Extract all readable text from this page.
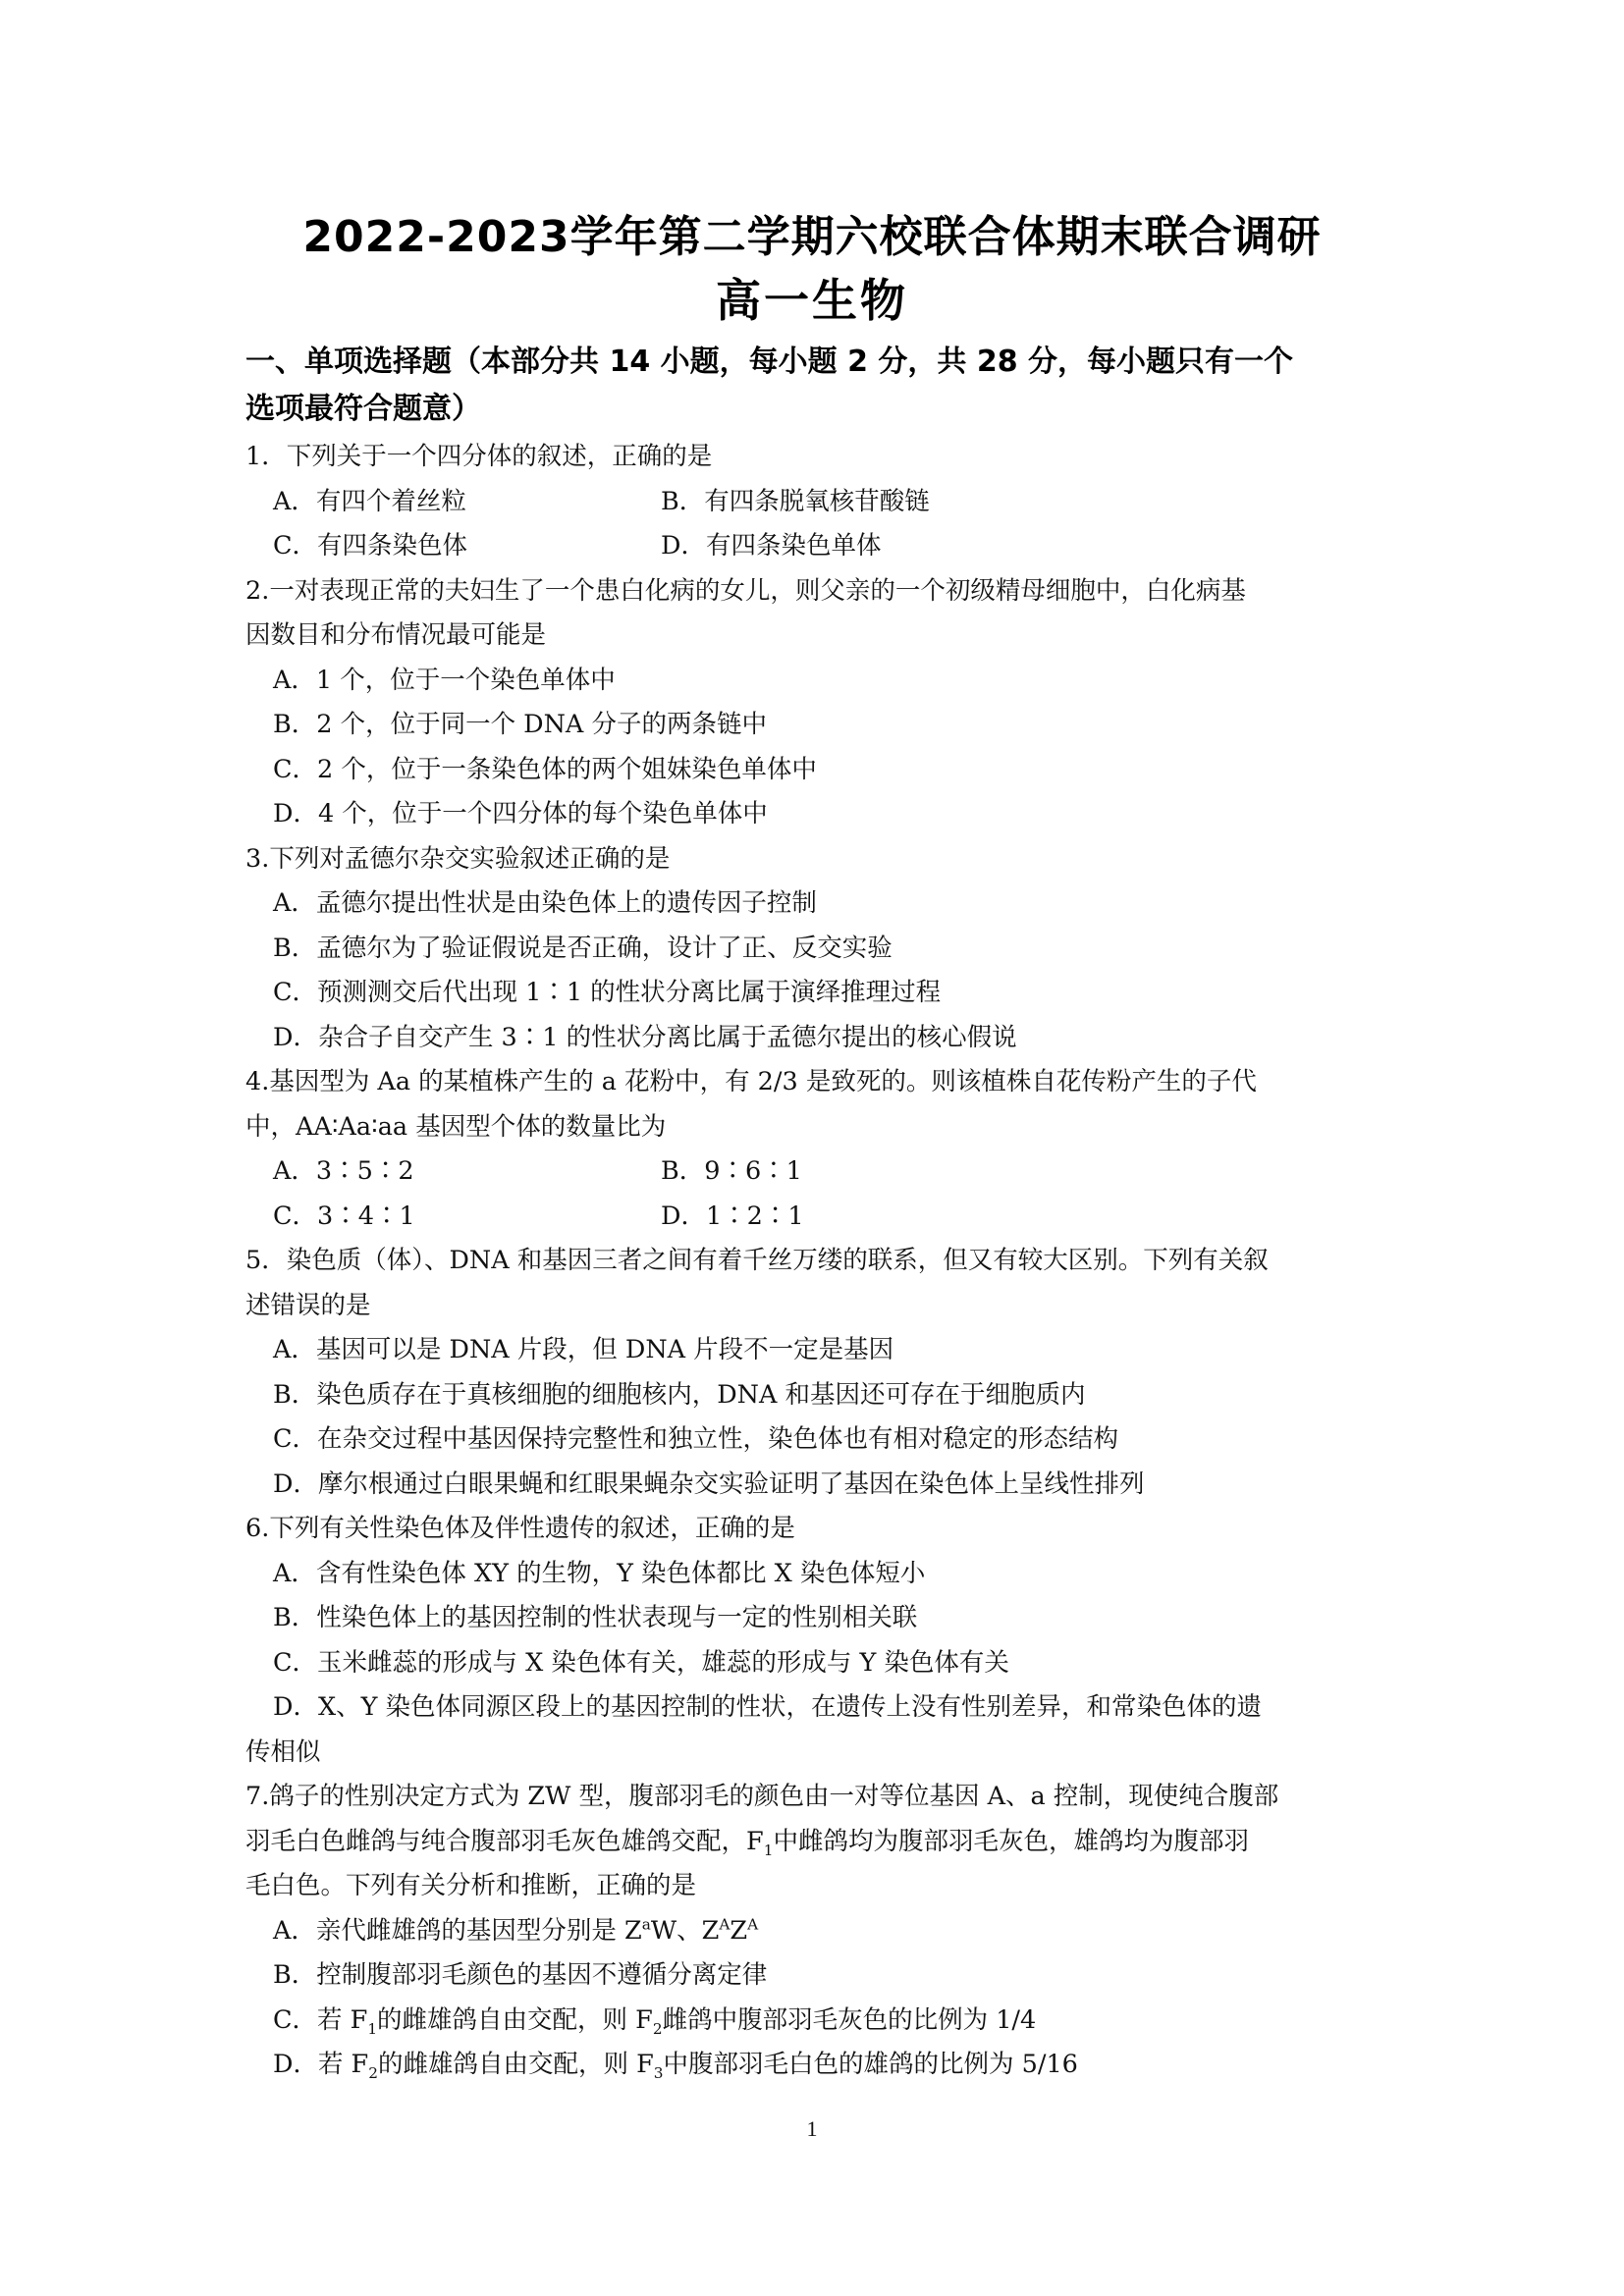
2022-2023学年第二学期六校联合体期末联合调研
高一生物
一、单项选择题（本部分共 14 小题，每小题 2 分，共 28 分，每小题只有一个
选项最符合题意）
1．下列关于一个四分体的叙述，正确的是
A．有四个着丝粒	B．有四条脱氧核苷酸链
C．有四条染色体	D．有四条染色单体
2.一对表现正常的夫妇生了一个患白化病的女儿，则父亲的一个初级精母细胞中，白化病基
因数目和分布情况最可能是
A．1 个，位于一个染色单体中
B．2 个，位于同一个 DNA 分子的两条链中
C．2 个，位于一条染色体的两个姐妹染色单体中
D．4 个，位于一个四分体的每个染色单体中
3.下列对孟德尔杂交实验叙述正确的是
A．孟德尔提出性状是由染色体上的遗传因子控制
B．孟德尔为了验证假说是否正确，设计了正、反交实验
C．预测测交后代出现 1∶1 的性状分离比属于演绎推理过程
D．杂合子自交产生 3∶1 的性状分离比属于孟德尔提出的核心假说
4.基因型为 Aa 的某植株产生的 a 花粉中，有 2/3 是致死的。则该植株自花传粉产生的子代
中，AA∶Aa∶aa 基因型个体的数量比为
A．3∶5∶2	B．9∶6∶1
C．3∶4∶1	D．1∶2∶1
5．染色质（体）、DNA 和基因三者之间有着千丝万缕的联系，但又有较大区别。下列有关叙
述错误的是
A．基因可以是 DNA 片段，但 DNA 片段不一定是基因
B．染色质存在于真核细胞的细胞核内，DNA 和基因还可存在于细胞质内
C．在杂交过程中基因保持完整性和独立性，染色体也有相对稳定的形态结构
D．摩尔根通过白眼果蝇和红眼果蝇杂交实验证明了基因在染色体上呈线性排列
6.下列有关性染色体及伴性遗传的叙述，正确的是
A．含有性染色体 XY 的生物，Y 染色体都比 X 染色体短小
B．性染色体上的基因控制的性状表现与一定的性别相关联
C．玉米雌蕊的形成与 X 染色体有关，雄蕊的形成与 Y 染色体有关
D．X、Y 染色体同源区段上的基因控制的性状，在遗传上没有性别差异，和常染色体的遗
传相似
7.鸽子的性别决定方式为 ZW 型，腹部羽毛的颜色由一对等位基因 A、a 控制，现使纯合腹部
羽毛白色雌鸽与纯合腹部羽毛灰色雄鸽交配，$F_1$中雌鸽均为腹部羽毛灰色，雄鸽均为腹部羽
毛白色。下列有关分析和推断，正确的是
A．亲代雌雄鸽的基因型分别是 $Z^aW$、$Z^AZ^A$
B．控制腹部羽毛颜色的基因不遵循分离定律
C．若 $F_1$的雌雄鸽自由交配，则 $F_2$雌鸽中腹部羽毛灰色的比例为 1/4
D．若 $F_2$的雌雄鸽自由交配，则 $F_3$中腹部羽毛白色的雄鸽的比例为 5/16
1
